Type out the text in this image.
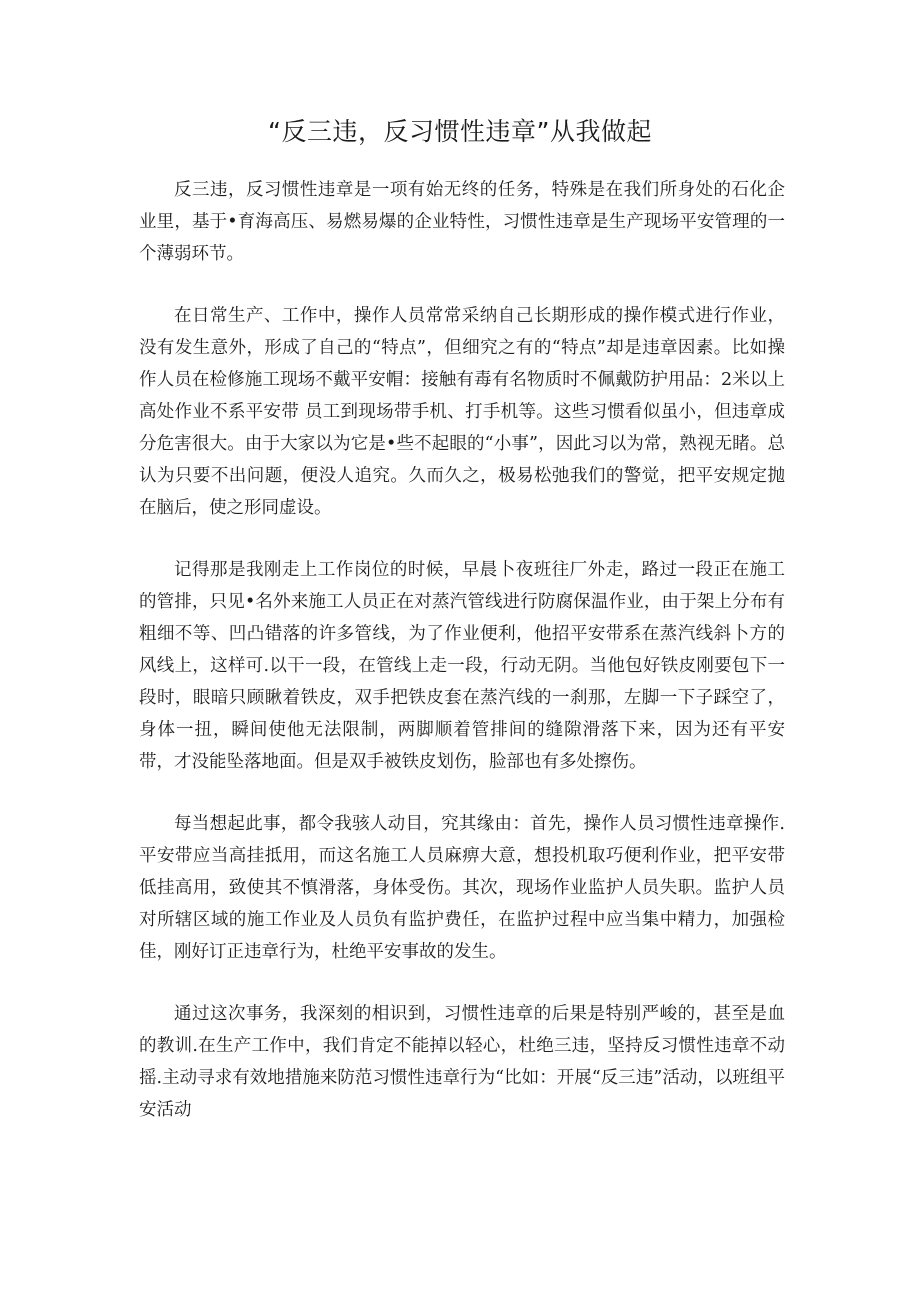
“反三违，反习惯性违章”从我做起

反三违，反习惯性违章是一项有始无终的任务，特殊是在我们所身处的石化企业里，基于•育海高压、易燃易爆的企业特性，习惯性违章是生产现场平安管理的一个薄弱环节。

在日常生产、工作中，操作人员常常采纳自己长期形成的操作模式进行作业，没有发生意外，形成了自己的“特点”，但细究之有的“特点”却是违章因素。比如操作人员在检修施工现场不戴平安帽：接触有毒有名物质时不佩戴防护用品：2米以上高处作业不系平安带 员工到现场带手机、打手机等。这些习惯看似虽小，但违章成分危害很大。由于大家以为它是•些不起眼的“小事”，因此习以为常，熟视无睹。总认为只要不出问题，便没人追究。久而久之，极易松弛我们的警觉，把平安规定抛在脑后，使之形同虚设。

记得那是我刚走上工作岗位的时候，早晨卜夜班往厂外走，路过一段正在施工的管排，只见•名外来施工人员正在对蒸汽管线进行防腐保温作业，由于架上分布有粗细不等、凹凸错落的许多管线，为了作业便利，他招平安带系在蒸汽线斜卜方的风线上，这样可.以干一段，在管线上走一段，行动无阴。当他包好铁皮刚要包下一段时，眼暗只顾瞅着铁皮，双手把铁皮套在蒸汽线的一刹那，左脚一下子踩空了，身体一扭，瞬间使他无法限制，两脚顺着管排间的缝隙滑落下来，因为还有平安带，才没能坠落地面。但是双手被铁皮划伤，脸部也有多处擦伤。

每当想起此事，都令我骇人动目，究其缘由：首先，操作人员习惯性违章操作.平安带应当高挂抵用，而这名施工人员麻痹大意，想投机取巧便利作业，把平安带低挂高用，致使其不慎滑落，身体受伤。其次，现场作业监护人员失职。监护人员对所辖区域的施工作业及人员负有监护费任，在监护过程中应当集中精力，加强检佳，刚好订正违章行为，杜绝平安事故的发生。

通过这次事务，我深刻的相识到，习惯性违章的后果是特别严峻的，甚至是血的教训.在生产工作中，我们肯定不能掉以轻心，杜绝三违，坚持反习惯性违章不动摇.主动寻求有效地措施来防范习惯性违章行为“比如：开展“反三违”活动，以班组平安活动
